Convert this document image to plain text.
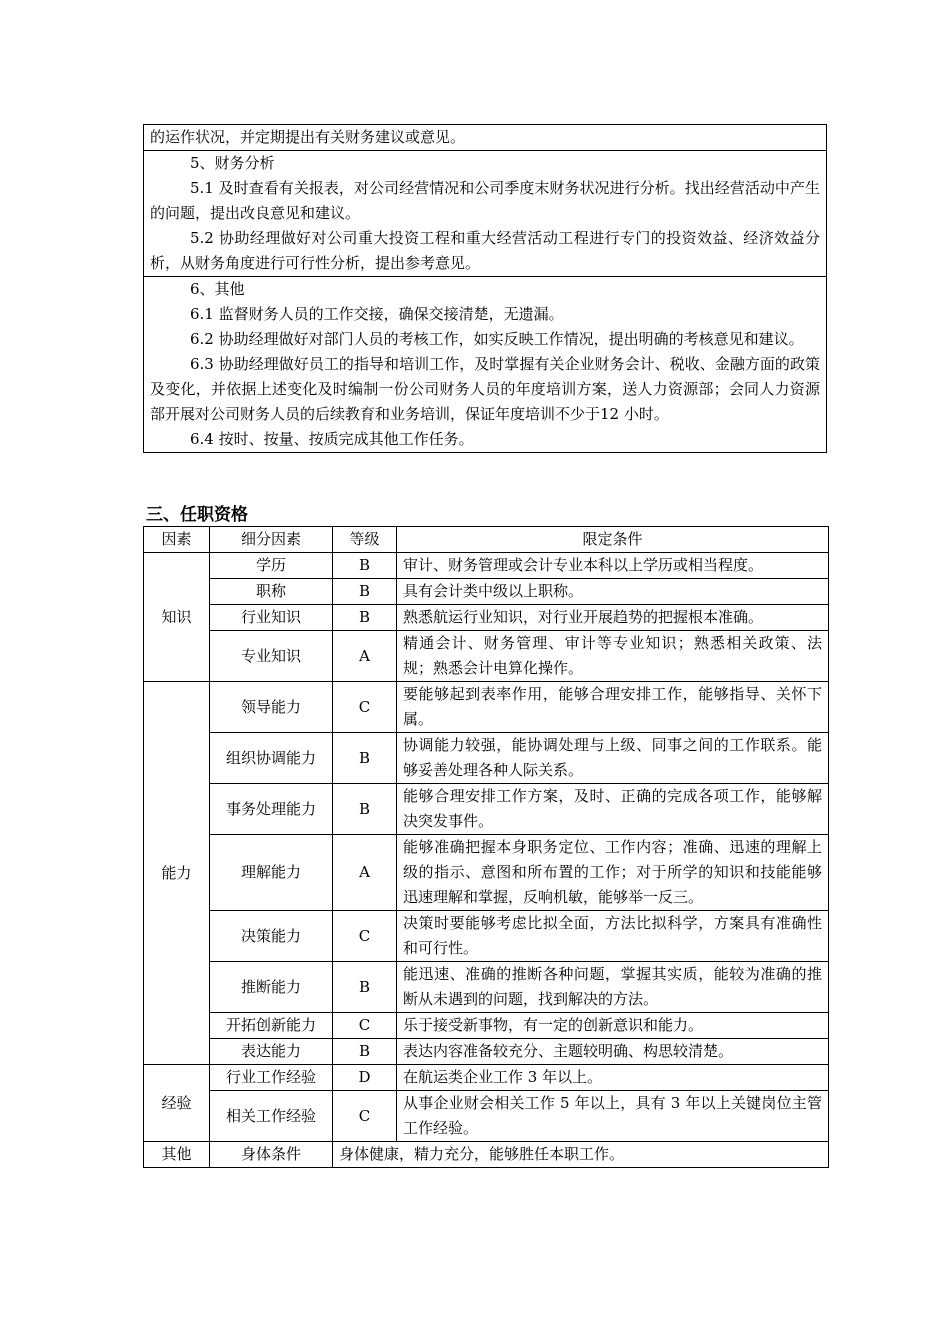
的运作状况，并定期提出有关财务建议或意见。

5、财务分析

5.1 及时查看有关报表，对公司经营情况和公司季度末财务状况进行分析。找出经营活动中产生的问题，提出改良意见和建议。

5.2 协助经理做好对公司重大投资工程和重大经营活动工程进行专门的投资效益、经济效益分析，从财务角度进行可行性分析，提出参考意见。

6、其他

6.1 监督财务人员的工作交接，确保交接清楚，无遗漏。

6.2 协助经理做好对部门人员的考核工作，如实反映工作情况，提出明确的考核意见和建议。

6.3 协助经理做好员工的指导和培训工作，及时掌握有关企业财务会计、税收、金融方面的政策及变化，并依据上述变化及时编制一份公司财务人员的年度培训方案，送人力资源部；会同人力资源部开展对公司财务人员的后续教育和业务培训，保证年度培训不少于12 小时。

6.4 按时、按量、按质完成其他工作任务。

三、任职资格
因素	细分因素	等级	限定条件
知识	学历	B	审计、财务管理或会计专业本科以上学历或相当程度。
	职称	B	具有会计类中级以上职称。
	行业知识	B	熟悉航运行业知识，对行业开展趋势的把握根本准确。
	专业知识	A	精通会计、财务管理、审计等专业知识；熟悉相关政策、法规；熟悉会计电算化操作。
能力	领导能力	C	要能够起到表率作用，能够合理安排工作，能够指导、关怀下属。
	组织协调能力	B	协调能力较强，能协调处理与上级、同事之间的工作联系。能够妥善处理各种人际关系。
	事务处理能力	B	能够合理安排工作方案，及时、正确的完成各项工作，能够解决突发事件。
	理解能力	A	能够准确把握本身职务定位、工作内容；准确、迅速的理解上级的指示、意图和所布置的工作；对于所学的知识和技能能够迅速理解和掌握，反响机敏，能够举一反三。
	决策能力	C	决策时要能够考虑比拟全面，方法比拟科学，方案具有准确性和可行性。
	推断能力	B	能迅速、准确的推断各种问题，掌握其实质，能较为准确的推断从未遇到的问题，找到解决的方法。
	开拓创新能力	C	乐于接受新事物，有一定的创新意识和能力。
	表达能力	B	表达内容准备较充分、主题较明确、构思较清楚。
经验	行业工作经验	D	在航运类企业工作 3 年以上。
	相关工作经验	C	从事企业财会相关工作 5 年以上，具有 3 年以上关键岗位主管工作经验。
其他	身体条件	身体健康，精力充分，能够胜任本职工作。	
